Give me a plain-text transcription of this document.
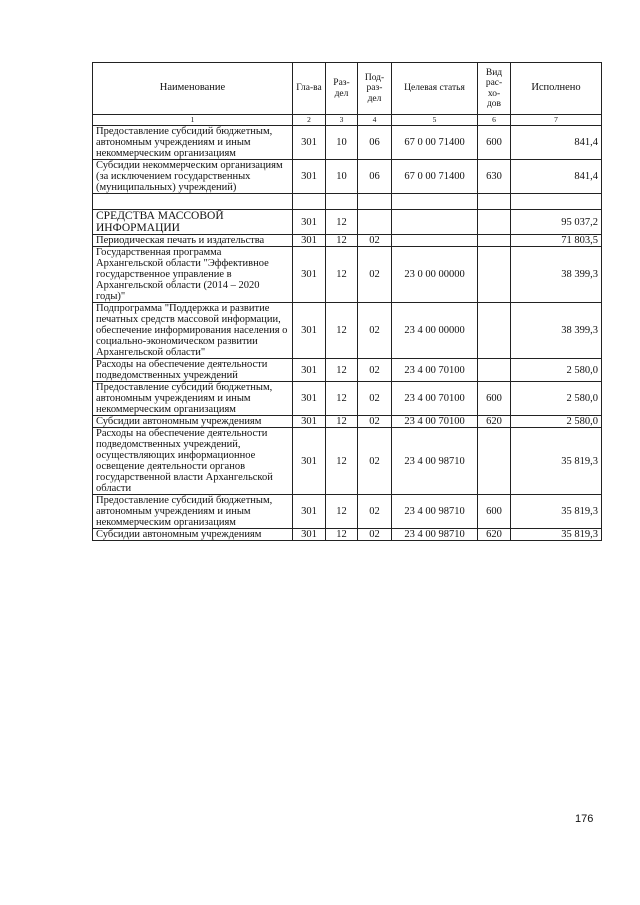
Наименование	Гла-ва	Раз-дел	Под-раз-дел	Целевая статья	Вид рас-хо-дов	Исполнено
1	2	3	4	5	6	7
Предоставление субсидий бюджетным, автономным учреждениям и иным некоммерческим организациям	301	10	06	67 0 00 71400	600	841,4
Субсидии некоммерческим организациям (за исключением государственных (муниципальных) учреждений)	301	10	06	67 0 00 71400	630	841,4

СРЕДСТВА МАССОВОЙ ИНФОРМАЦИИ	301	12				95 037,2
Периодическая печать и издательства	301	12	02			71 803,5
Государственная программа Архангельской области "Эффективное государственное управление в Архангельской области (2014 – 2020 годы)"	301	12	02	23 0 00 00000		38 399,3
Подпрограмма "Поддержка и развитие печатных средств массовой информации, обеспечение информирования населения о социально-экономическом развитии Архангельской области"	301	12	02	23 4 00 00000		38 399,3
Расходы на обеспечение деятельности подведомственных учреждений	301	12	02	23 4 00 70100		2 580,0
Предоставление субсидий бюджетным, автономным учреждениям и иным некоммерческим организациям	301	12	02	23 4 00 70100	600	2 580,0
Субсидии автономным учреждениям	301	12	02	23 4 00 70100	620	2 580,0
Расходы на обеспечение деятельности подведомственных учреждений, осуществляющих информационное освещение деятельности органов государственной власти Архангельской области	301	12	02	23 4 00 98710		35 819,3
Предоставление субсидий бюджетным, автономным учреждениям и иным некоммерческим организациям	301	12	02	23 4 00 98710	600	35 819,3
Субсидии автономным учреждениям	301	12	02	23 4 00 98710	620	35 819,3
176
